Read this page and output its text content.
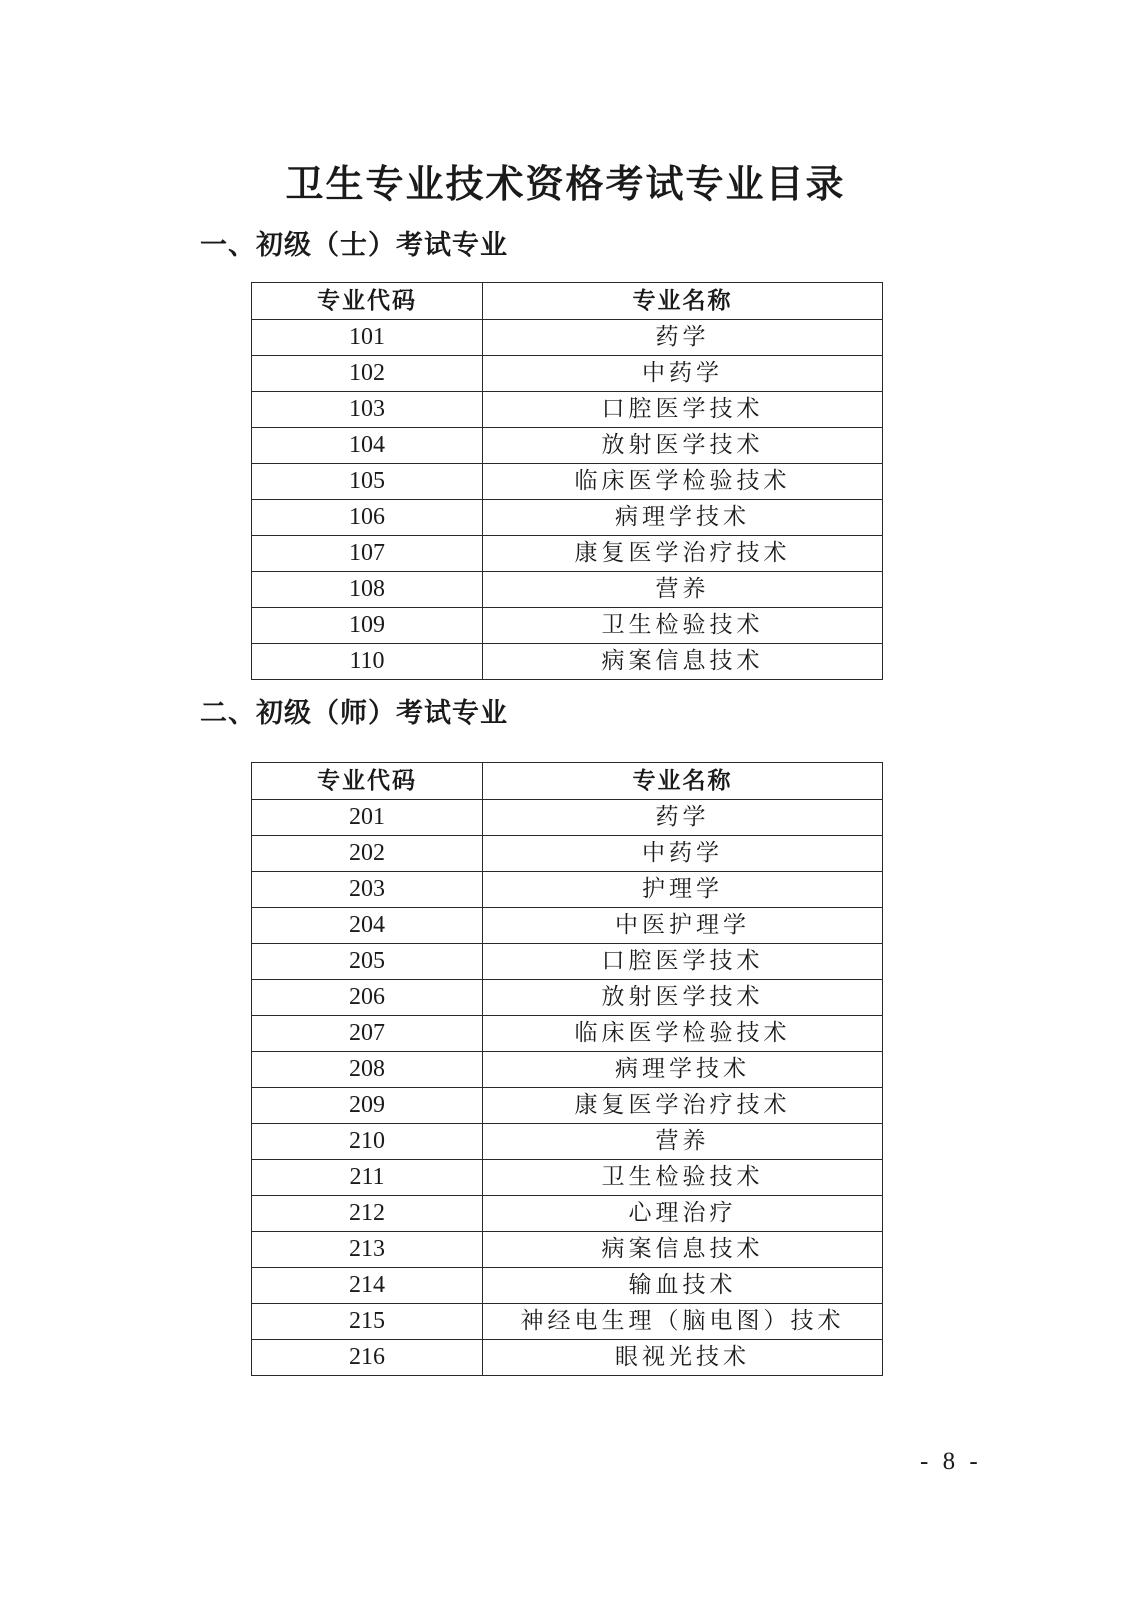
卫生专业技术资格考试专业目录
一、初级（士）考试专业
专业代码	专业名称
101	药学
102	中药学
103	口腔医学技术
104	放射医学技术
105	临床医学检验技术
106	病理学技术
107	康复医学治疗技术
108	营养
109	卫生检验技术
110	病案信息技术
二、初级（师）考试专业
专业代码	专业名称
201	药学
202	中药学
203	护理学
204	中医护理学
205	口腔医学技术
206	放射医学技术
207	临床医学检验技术
208	病理学技术
209	康复医学治疗技术
210	营养
211	卫生检验技术
212	心理治疗
213	病案信息技术
214	输血技术
215	神经电生理（脑电图）技术
216	眼视光技术
- 8 -
